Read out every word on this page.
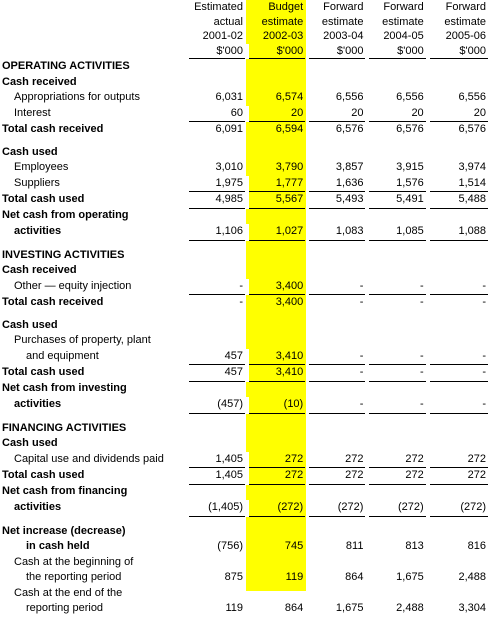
	Estimated	Budget	Forward	Forward	Forward
	actual	estimate	estimate	estimate	estimate
	2001-02	2002-03	2003-04	2004-05	2005-06
	$'000	$'000	$'000	$'000	$'000
OPERATING ACTIVITIES					
Cash received					
Appropriations for outputs	6,031	6,574	6,556	6,556	6,556
Interest	60	20	20	20	20
Total cash received	6,091	6,594	6,576	6,576	6,576

Cash used					
Employees	3,010	3,790	3,857	3,915	3,974
Suppliers	1,975	1,777	1,636	1,576	1,514
Total cash used	4,985	5,567	5,493	5,491	5,488
Net cash from operating					
activities	1,106	1,027	1,083	1,085	1,088

INVESTING ACTIVITIES					
Cash received					
Other — equity injection	-	3,400	-	-	-
Total cash received	-	3,400	-	-	-

Cash used					
Purchases of property, plant					
and equipment	457	3,410	-	-	-
Total cash used	457	3,410	-	-	-
Net cash from investing					
activities	(457)	(10)	-	-	-

FINANCING ACTIVITIES					
Cash used					
Capital use and dividends paid	1,405	272	272	272	272
Total cash used	1,405	272	272	272	272
Net cash from financing					
activities	(1,405)	(272)	(272)	(272)	(272)

Net increase (decrease)					
in cash held	(756)	745	811	813	816
Cash at the beginning of					
the reporting period	875	119	864	1,675	2,488
Cash at the end of the					
reporting period	119	864	1,675	2,488	3,304
